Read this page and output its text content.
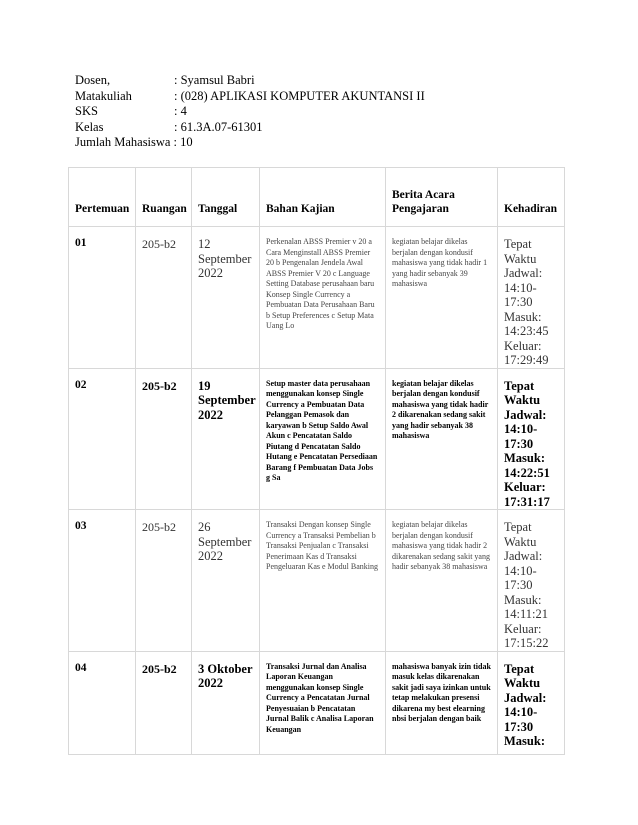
Dosen,	: Syamsul Babri
Matakuliah	: (028) APLIKASI KOMPUTER AKUNTANSI II
SKS	: 4
Kelas	: 61.3A.07-61301
Jumlah Mahasiswa : 10
Pertemuan	Ruangan	Tanggal	Bahan Kajian	Berita Acara Pengajaran	Kehadiran
01	205-b2	12 September 2022	Perkenalan ABSS Premier v 20 a Cara Menginstall ABSS Premier 20 b Pengenalan Jendela Awal ABSS Premier V 20 c Language Setting Database perusahaan baru Konsep Single Currency a Pembuatan Data Perusahaan Baru b Setup Preferences c Setup Mata Uang Lo	kegiatan belajar dikelas berjalan dengan kondusif mahasiswa yang tidak hadir 1 yang hadir sebanyak 39 mahasiswa	Tepat Waktu Jadwal: 14:10-17:30 Masuk: 14:23:45 Keluar: 17:29:49
02	205-b2	19 September 2022	Setup master data perusahaan menggunakan konsep Single Currency a Pembuatan Data Pelanggan Pemasok dan karyawan b Setup Saldo Awal Akun c Pencatatan Saldo Piutang d Pencatatan Saldo Hutang e Pencatatan Persediaan Barang f Pembuatan Data Jobs g Sa	kegiatan belajar dikelas berjalan dengan kondusif mahasiswa yang tidak hadir 2 dikarenakan sedang sakit yang hadir sebanyak 38 mahasiswa	Tepat Waktu Jadwal: 14:10-17:30 Masuk: 14:22:51 Keluar: 17:31:17
03	205-b2	26 September 2022	Transaksi Dengan konsep Single Currency a Transaksi Pembelian b Transaksi Penjualan c Transaksi Penerimaan Kas d Transaksi Pengeluaran Kas e Modul Banking	kegiatan belajar dikelas berjalan dengan kondusif mahasiswa yang tidak hadir 2 dikarenakan sedang sakit yang hadir sebanyak 38 mahasiswa	Tepat Waktu Jadwal: 14:10-17:30 Masuk: 14:11:21 Keluar: 17:15:22
04	205-b2	3 Oktober 2022	Transaksi Jurnal dan Analisa Laporan Keuangan menggunakan konsep Single Currency a Pencatatan Jurnal Penyesuaian b Pencatatan Jurnal Balik c Analisa Laporan Keuangan	mahasiswa banyak izin tidak masuk kelas dikarenakan sakit jadi saya izinkan untuk tetap melakukan presensi dikarena my best elearning nbsi berjalan dengan baik	Tepat Waktu Jadwal: 14:10-17:30 Masuk:
